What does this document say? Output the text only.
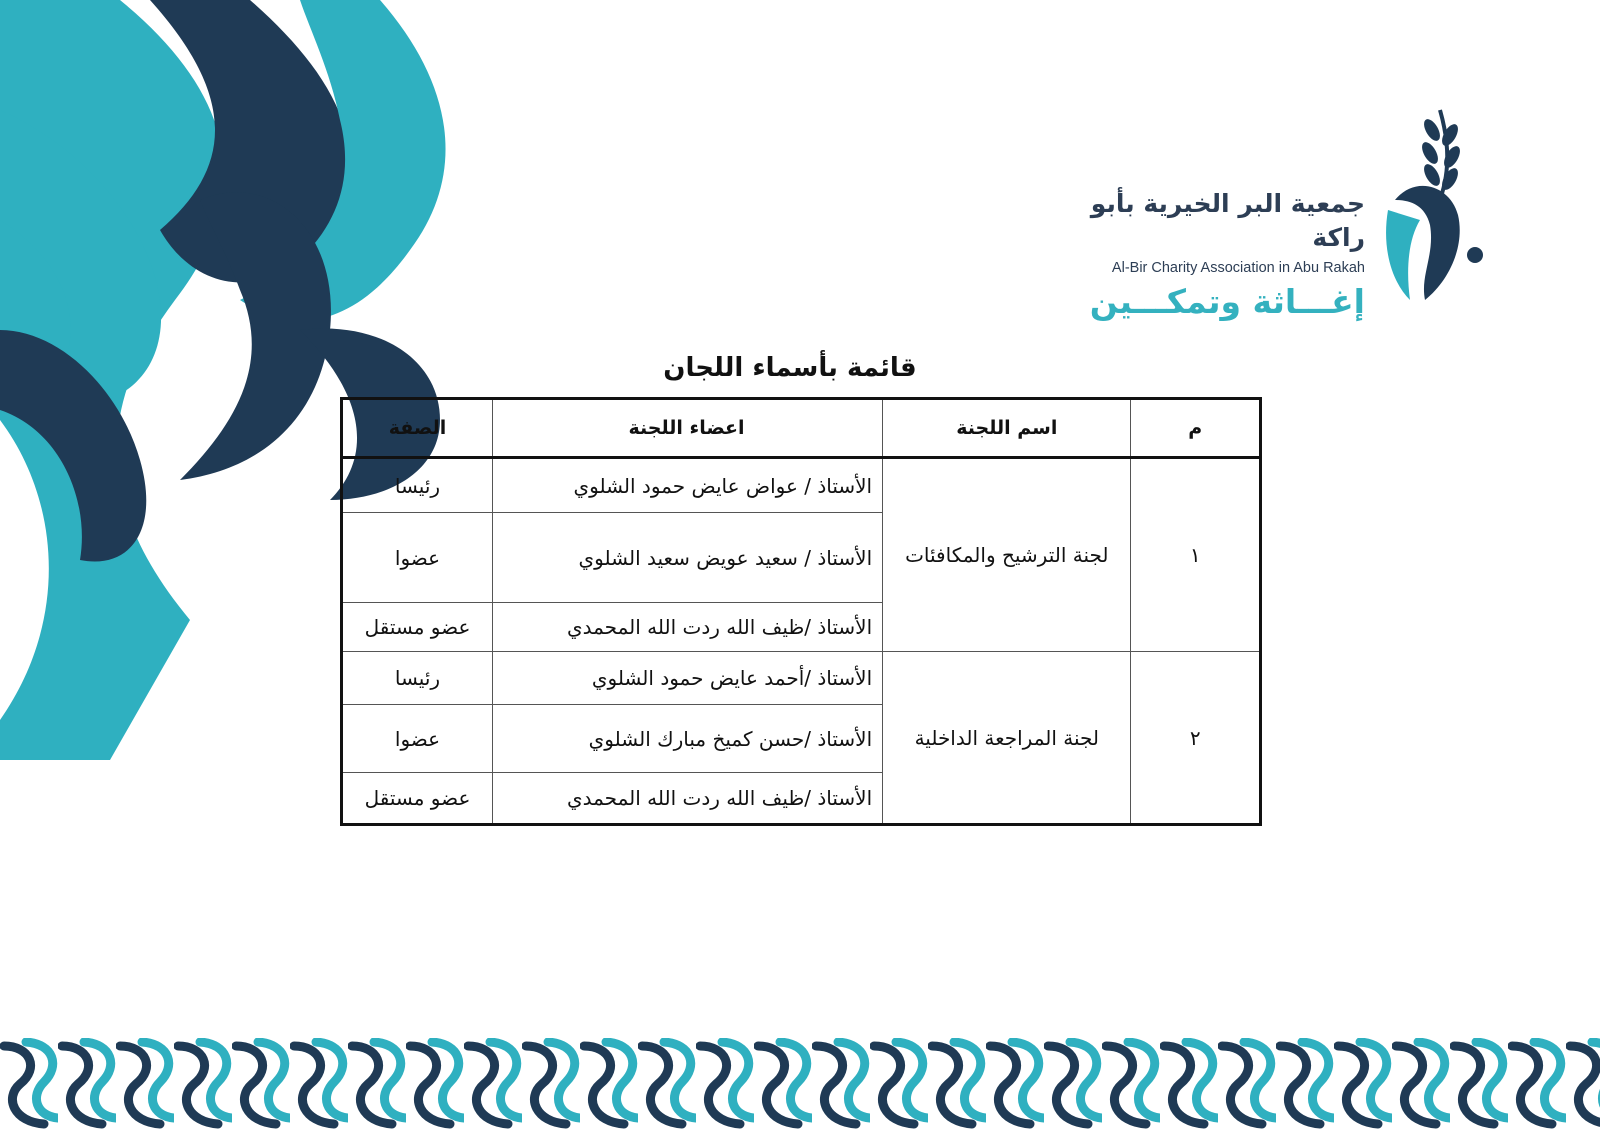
جمعية البر الخيرية بأبو راكة
Al-Bir Charity Association in Abu Rakah
إغـــاثة وتمكـــين
قائمة بأسماء اللجان
م	اسم اللجنة	اعضاء اللجنة	الصفة
١	لجنة الترشيح والمكافئات	الأستاذ / عواض عايض حمود الشلوي	رئيسا
		الأستاذ / سعيد عويض سعيد الشلوي	عضوا
		الأستاذ /ظيف الله ردت الله المحمدي	عضو مستقل
٢	لجنة المراجعة الداخلية	الأستاذ /أحمد عايض حمود الشلوي	رئيسا
		الأستاذ /حسن كميخ مبارك الشلوي	عضوا
		الأستاذ /ظيف الله ردت الله المحمدي	عضو مستقل
